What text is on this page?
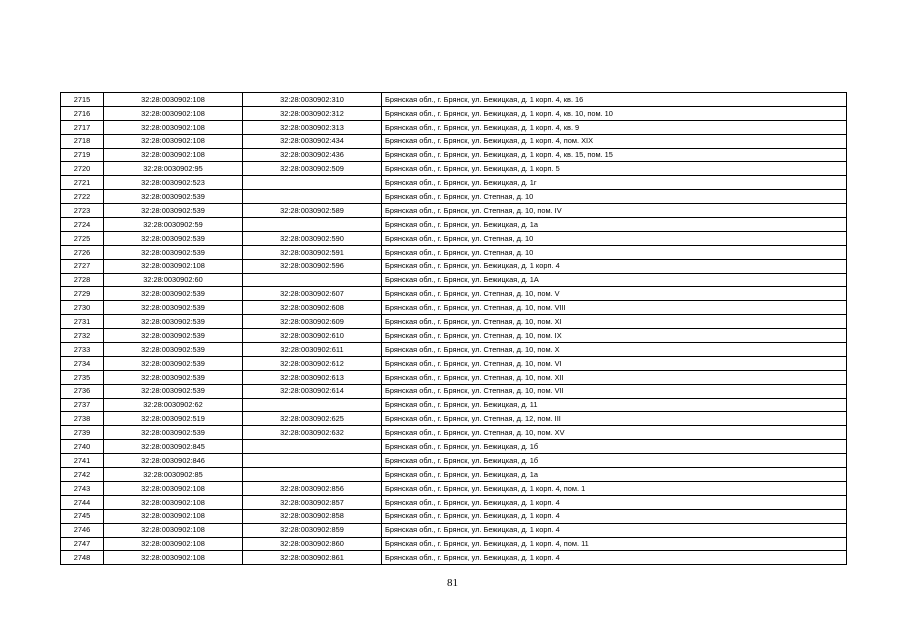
2715	32:28:0030902:108	32:28:0030902:310	Брянская обл., г. Брянск, ул. Бежицкая, д. 1 корп. 4, кв. 16
2716	32:28:0030902:108	32:28:0030902:312	Брянская обл., г. Брянск, ул. Бежицкая, д. 1 корп. 4, кв. 10, пом. 10
2717	32:28:0030902:108	32:28:0030902:313	Брянская обл., г. Брянск, ул. Бежицкая, д. 1 корп. 4, кв. 9
2718	32:28:0030902:108	32:28:0030902:434	Брянская обл., г. Брянск, ул. Бежицкая, д. 1 корп. 4, пом. XIX
2719	32:28:0030902:108	32:28:0030902:436	Брянская обл., г. Брянск, ул. Бежицкая, д. 1 корп. 4, кв. 15, пом. 15
2720	32:28:0030902:95	32:28:0030902:509	Брянская обл., г. Брянск, ул. Бежицкая, д. 1 корп. 5
2721	32:28:0030902:523		Брянская обл., г. Брянск, ул. Бежицкая, д. 1г
2722	32:28:0030902:539		Брянская обл., г. Брянск, ул. Степная, д. 10
2723	32:28:0030902:539	32:28:0030902:589	Брянская обл., г. Брянск, ул. Степная, д. 10, пом. IV
2724	32:28:0030902:59		Брянская обл., г. Брянск, ул. Бежицкая, д. 1а
2725	32:28:0030902:539	32:28:0030902:590	Брянская обл., г. Брянск, ул. Степная, д. 10
2726	32:28:0030902:539	32:28:0030902:591	Брянская обл., г. Брянск, ул. Степная, д. 10
2727	32:28:0030902:108	32:28:0030902:596	Брянская обл., г. Брянск, ул. Бежицкая, д. 1 корп. 4
2728	32:28:0030902:60		Брянская обл., г. Брянск, ул. Бежицкая, д. 1А
2729	32:28:0030902:539	32:28:0030902:607	Брянская обл., г. Брянск, ул. Степная, д. 10, пом. V
2730	32:28:0030902:539	32:28:0030902:608	Брянская обл., г. Брянск, ул. Степная, д. 10, пом. VIII
2731	32:28:0030902:539	32:28:0030902:609	Брянская обл., г. Брянск, ул. Степная, д. 10, пом. XI
2732	32:28:0030902:539	32:28:0030902:610	Брянская обл., г. Брянск, ул. Степная, д. 10, пом. IX
2733	32:28:0030902:539	32:28:0030902:611	Брянская обл., г. Брянск, ул. Степная, д. 10, пом. X
2734	32:28:0030902:539	32:28:0030902:612	Брянская обл., г. Брянск, ул. Степная, д. 10, пом. VI
2735	32:28:0030902:539	32:28:0030902:613	Брянская обл., г. Брянск, ул. Степная, д. 10, пом. XII
2736	32:28:0030902:539	32:28:0030902:614	Брянская обл., г. Брянск, ул. Степная, д. 10, пом. VII
2737	32:28:0030902:62		Брянская обл., г. Брянск, ул. Бежицкая, д. 11
2738	32:28:0030902:519	32:28:0030902:625	Брянская обл., г. Брянск, ул. Степная, д. 12, пом. III
2739	32:28:0030902:539	32:28:0030902:632	Брянская обл., г. Брянск, ул. Степная, д. 10, пом. XV
2740	32:28:0030902:845		Брянская обл., г. Брянск, ул. Бежицкая, д. 1б
2741	32:28:0030902:846		Брянская обл., г. Брянск, ул. Бежицкая, д. 1б
2742	32:28:0030902:85		Брянская обл., г. Брянск, ул. Бежицкая, д. 1а
2743	32:28:0030902:108	32:28:0030902:856	Брянская обл., г. Брянск, ул. Бежицкая, д. 1 корп. 4, пом. 1
2744	32:28:0030902:108	32:28:0030902:857	Брянская обл., г. Брянск, ул. Бежицкая, д. 1 корп. 4
2745	32:28:0030902:108	32:28:0030902:858	Брянская обл., г. Брянск, ул. Бежицкая, д. 1 корп. 4
2746	32:28:0030902:108	32:28:0030902:859	Брянская обл., г. Брянск, ул. Бежицкая, д. 1 корп. 4
2747	32:28:0030902:108	32:28:0030902:860	Брянская обл., г. Брянск, ул. Бежицкая, д. 1 корп. 4, пом. 11
2748	32:28:0030902:108	32:28:0030902:861	Брянская обл., г. Брянск, ул. Бежицкая, д. 1 корп. 4
81
